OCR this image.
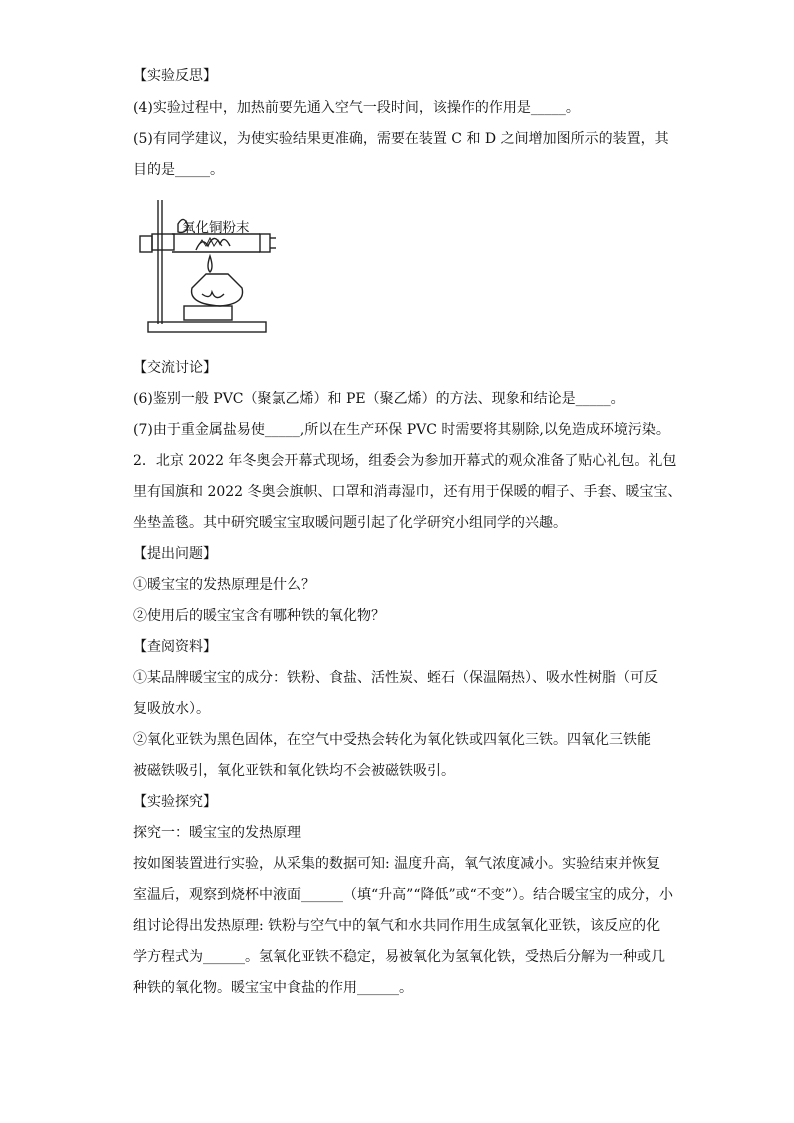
【实验反思】
(4)实验过程中，加热前要先通入空气一段时间，该操作的作用是_____。
(5)有同学建议，为使实验结果更准确，需要在装置 C 和 D 之间增加图所示的装置，其
目的是_____。
氧化铜粉末
【交流讨论】
(6)鉴别一般 PVC（聚氯乙烯）和 PE（聚乙烯）的方法、现象和结论是_____。
(7)由于重金属盐易使_____,所以在生产环保 PVC 时需要将其剔除,以免造成环境污染。
2．北京 2022 年冬奥会开幕式现场，组委会为参加开幕式的观众准备了贴心礼包。礼包
里有国旗和 2022 冬奥会旗帜、口罩和消毒湿巾，还有用于保暖的帽子、手套、暖宝宝、
坐垫盖毯。其中研究暖宝宝取暖问题引起了化学研究小组同学的兴趣。
【提出问题】
①暖宝宝的发热原理是什么？
②使用后的暖宝宝含有哪种铁的氧化物？
【查阅资料】
①某品牌暖宝宝的成分：铁粉、食盐、活性炭、蛭石（保温隔热）、吸水性树脂（可反
复吸放水）。
②氧化亚铁为黑色固体，在空气中受热会转化为氧化铁或四氧化三铁。四氧化三铁能
被磁铁吸引，氧化亚铁和氧化铁均不会被磁铁吸引。
【实验探究】
探究一：暖宝宝的发热原理
按如图装置进行实验，从采集的数据可知: 温度升高，氧气浓度减小。实验结束并恢复
室温后，观察到烧杯中液面______（填“升高”“降低”或“不变”）。结合暖宝宝的成分，小
组讨论得出发热原理: 铁粉与空气中的氧气和水共同作用生成氢氧化亚铁，该反应的化
学方程式为______。氢氧化亚铁不稳定，易被氧化为氢氧化铁，受热后分解为一种或几
种铁的氧化物。暖宝宝中食盐的作用______。
